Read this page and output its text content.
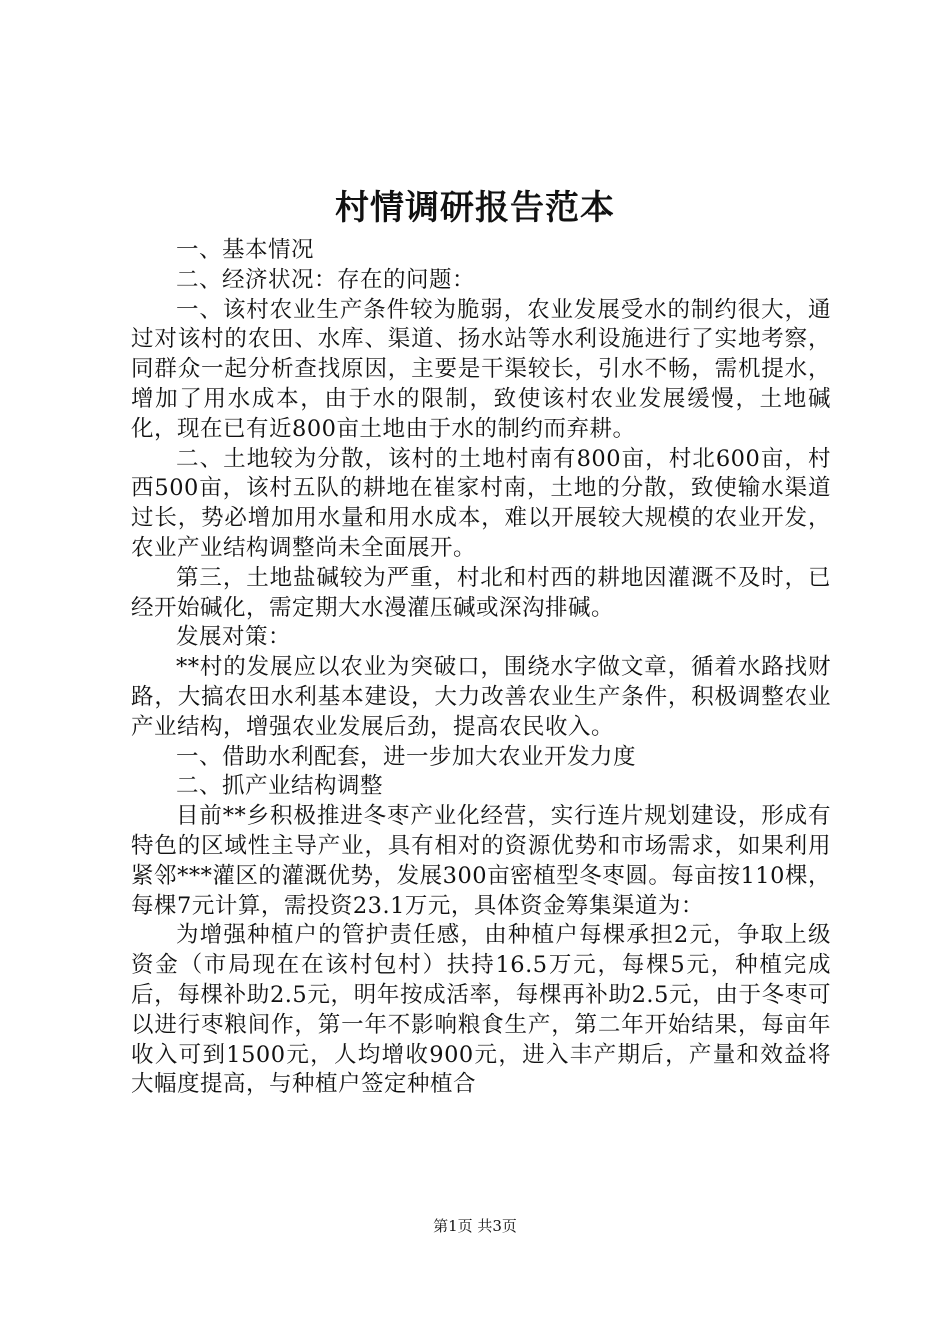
村情调研报告范本

一、基本情况

二、经济状况：存在的问题：

一、该村农业生产条件较为脆弱，农业发展受水的制约很大，通过对该村的农田、水库、渠道、扬水站等水利设施进行了实地考察，同群众一起分析查找原因，主要是干渠较长，引水不畅，需机提水，增加了用水成本，由于水的限制，致使该村农业发展缓慢，土地碱化，现在已有近800亩土地由于水的制约而弃耕。

二、土地较为分散，该村的土地村南有800亩，村北600亩，村西500亩，该村五队的耕地在崔家村南，土地的分散，致使输水渠道过长，势必增加用水量和用水成本，难以开展较大规模的农业开发，农业产业结构调整尚未全面展开。

第三，土地盐碱较为严重，村北和村西的耕地因灌溉不及时，已经开始碱化，需定期大水漫灌压碱或深沟排碱。

发展对策：

**村的发展应以农业为突破口，围绕水字做文章，循着水路找财路，大搞农田水利基本建设，大力改善农业生产条件，积极调整农业产业结构，增强农业发展后劲，提高农民收入。

一、借助水利配套，进一步加大农业开发力度

二、抓产业结构调整

目前**乡积极推进冬枣产业化经营，实行连片规划建设，形成有特色的区域性主导产业，具有相对的资源优势和市场需求，如果利用紧邻***灌区的灌溉优势，发展300亩密植型冬枣圆。每亩按110棵，每棵7元计算，需投资23.1万元，具体资金筹集渠道为：

为增强种植户的管护责任感，由种植户每棵承担2元，争取上级资金（市局现在在该村包村）扶持16.5万元，每棵5元，种植完成后，每棵补助2.5元，明年按成活率，每棵再补助2.5元，由于冬枣可以进行枣粮间作，第一年不影响粮食生产，第二年开始结果，每亩年收入可到1500元，人均增收900元，进入丰产期后，产量和效益将大幅度提高，与种植户签定种植合

第1页 共3页
